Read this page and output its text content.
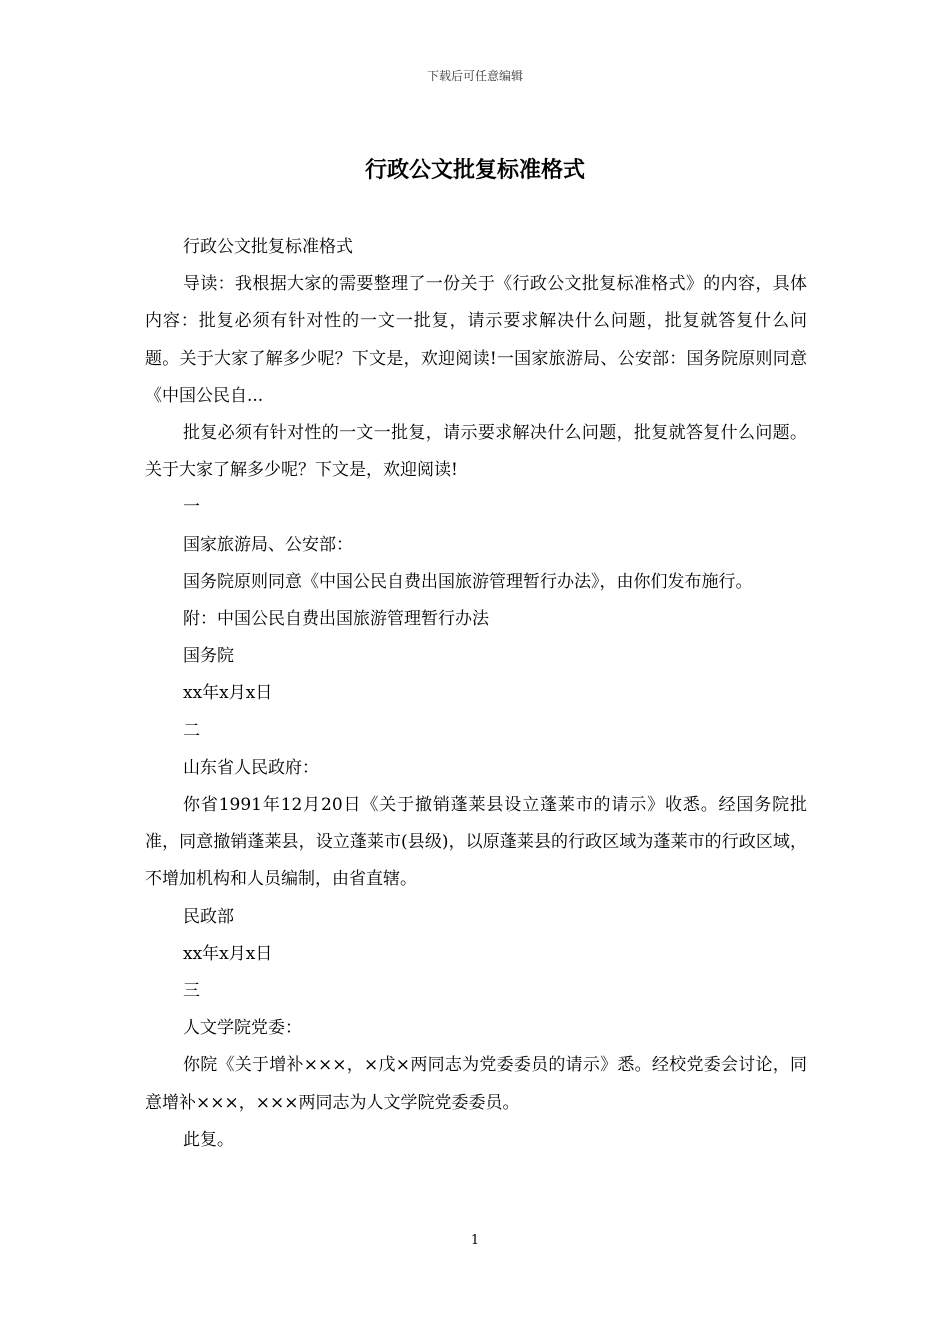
下载后可任意编辑
行政公文批复标准格式

行政公文批复标准格式

导读：我根据大家的需要整理了一份关于《行政公文批复标准格式》的内容，具体内容：批复必须有针对性的一文一批复，请示要求解决什么问题，批复就答复什么问题。关于大家了解多少呢？下文是，欢迎阅读!一国家旅游局、公安部：国务院原则同意《中国公民自...

批复必须有针对性的一文一批复，请示要求解决什么问题，批复就答复什么问题。关于大家了解多少呢？下文是，欢迎阅读!

一

国家旅游局、公安部：

国务院原则同意《中国公民自费出国旅游管理暂行办法》，由你们发布施行。

附：中国公民自费出国旅游管理暂行办法

国务院

xx年x月x日

二

山东省人民政府：

你省1991年12月20日《关于撤销蓬莱县设立蓬莱市的请示》收悉。经国务院批准，同意撤销蓬莱县，设立蓬莱市(县级)，以原蓬莱县的行政区域为蓬莱市的行政区域，不增加机构和人员编制，由省直辖。

民政部

xx年x月x日

三

人文学院党委：

你院《关于增补×××，×戊×两同志为党委委员的请示》悉。经校党委会讨论，同意增补×××，×××两同志为人文学院党委委员。

此复。

1
